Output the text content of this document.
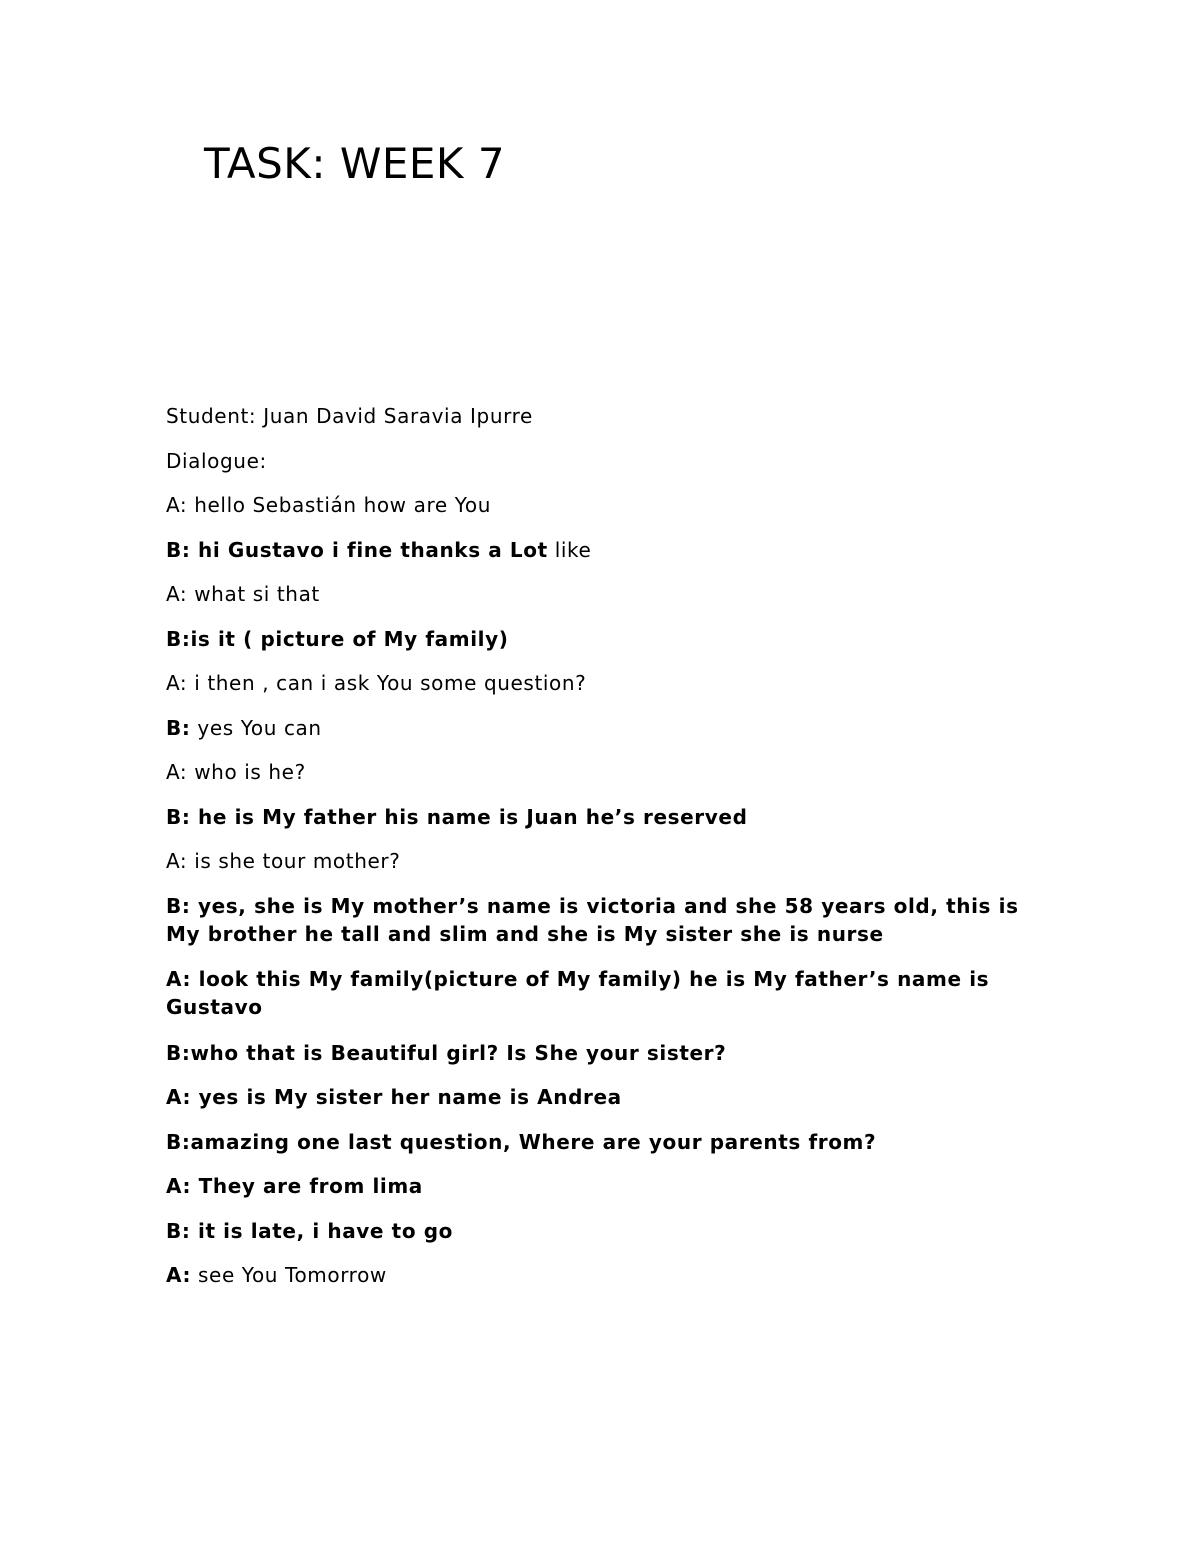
TASK: WEEK 7

Student: Juan David Saravia Ipurre

Dialogue:

A: hello Sebastián how are You

B: hi Gustavo i fine thanks a Lot like

A: what si that

B:is it ( picture of My family)

A: i then , can i ask You some question?

B: yes You can

A: who is he?

B: he is My father his name is Juan he’s reserved

A: is she tour mother?

B: yes, she is My mother’s name is victoria and she 58 years old, this is My brother he tall and slim and she is My sister she is nurse

A: look this My family(picture of My family) he is My father’s name is Gustavo

B:who that is Beautiful girl? Is She your sister?

A: yes is My sister her name is Andrea

B:amazing one last question, Where are your parents from?

A: They are from lima

B: it is late, i have to go

A: see You Tomorrow
